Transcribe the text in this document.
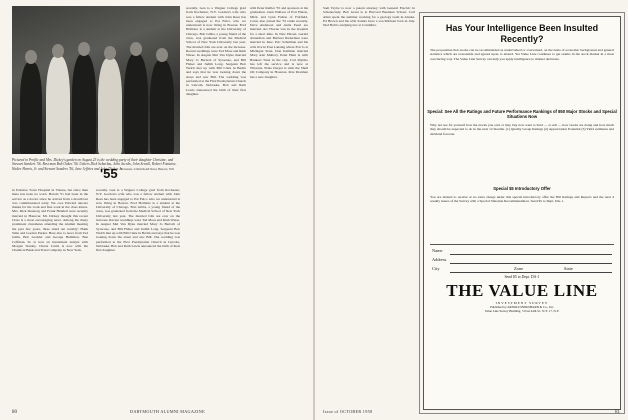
Pictured in Profile and Mrs. Dickey's garden on August 23 is the wedding party of their daughter Christine, and Stewart Sanders '56. Best man Bob Oakes '56. Ushers Dick Scharlau, John Jacobs, John Sewall, Robert Fontaine, Walter Harris, Jr. and Stewart Sanders '56, Jane Jeffries and John Dickey Jr.
in Palomar Town Hospital in Vienna, but since then there has been no word. Harold '51 had been in the service as a doctor since he arrived from a month but was commissioned early. We owe Edward sincere thanks for his work and fine work in the class letters. Mrs. Dick Dessiorg and Frank Hundell were recently married in Hanover. Mr. Dickey thought this recent Class is a most encouraging news. Among the many prominent classmates attending the Alumni meeting the past few years, three stand out notably: Hank Sims and Gordon Parker. Here also is news from Ted Gillis, Bob Geckler and George Hamilton. Ben Coffman, Sr. is now an investment analyst with Morgan Stanley. Chuck Curtis is now with the Chemical Bank and Trust Company in New York.
recently. Gen is a Wagner College grad from Rochester, N.Y. Gordon's wife who was a fellow student with John Rees has been engaged to Pat Fulco who we understand is now living in Boston. Fred Hollister is a student at the University of Chicago. Bob Gibbs, a young friend of the class, was graduated from the Medical School of New York University last year. The married folk are ever on the increase. Recent weddings were Tad Moss and Ruth Wiese. In August Mel Van Dyke married Mary Jo Bertsch of Syracuse, and Bill Fisher and Judith Long. Sergeant Bob Welch met up with Bill Clark in Berlin and says that he was looking down the street and saw Bill. The wedding was performed at the First Presbyterian Church in Lincoln, Nebraska. Bob and Ruth Lewis announced the birth of their first daughter.
with Peter Reiller '55 and sponsors at his graduation. Glen Wallace of Port Huron, Mich. and Lynn Fulton of Fairfield, Conn. also joined the '55 ranks recently. Dave Anderson and Anita Pearl are married. Art Thorne was in the hospital for a short time. In New Haven, Gerald Alsterman and Barbara Ruderman were married in June. Eric Schulman and his wife live in East Lansing where Eric is at Michigan State. Don Kallman married Mary Ann Mallory. Peter Hunt is with Bankers Trust in the city. Carl Myrmo has left the service and is now at Wharton. Ernie Dreyer is with the Shell Oil Company in Houston. Pete Pearman has a new daughter.
recently. Gen is a Wagner College grad from Rochester, N.Y. Gordon's wife who was a fellow student with John Rees has been engaged to Pat Fulco who we understand is now living in Boston. Fred Hollister is a student at the University of Chicago. Bob Gibbs, a young friend of the class, was graduated from the Medical School of New York University last year. The married folk are ever on the increase. Recent weddings were Tad Moss and Ruth Wiese. In August Mel Van Dyke married Mary Jo Bertsch of Syracuse, and Bill Fisher and Judith Long. Sergeant Bob Welch met up with Bill Clark in Berlin and says that he was looking down the street and saw Bill. The wedding was performed at the First Presbyterian Church in Lincoln, Nebraska. Bob and Ruth Lewis announced the birth of their first daughter.
'55 Secretaries, 24 Dartmouth Street, Hanover, N.H.
80	DARTMOUTH ALUMNI MAGAZINE
Sam Taylor is now a patent attorney with General Electric in Schenectady. Bob Grant is at Harvard Business School. Carl Allen spent the summer working for a geology team in Alaska. Ed Brown and his wife Sandra have a son Michael born in July. Ned Ball is studying law at Columbia.	Has Your Intelligence Been Insulted Recently?
The proposition that stocks can be recommended as undervalued or overvalued, on the basis of economic background and general statistics which are reasonable and agreed upon, is absurd. Yet Value Line continues to get results in the stock market in a most convincing way. The Value Line Survey can help you apply intelligence to market decisions.
Special: See All the Ratings and Future Performance Rankings of 850 Major Stocks and Special Situations Now
Why not see for yourself how the stocks you own or may buy now want to hold — or sell — how stocks are doing and how much they should be expected to do in the next 12 months. (1) Quality Group Ratings (2) Appreciation Potential (3) Yield estimates and dividend forecast.
Special $5 Introductory Offer
You are invited to receive at no extra charge under this special introductory offer the 850 Ratings and Reports and the next 4 weekly issues of the Survey with a Special Situation Recommendation. Send $5 to Dept. DA-1.
Name
Address
City	Zone	State
Send $5 to Dept. DA-1
THE VALUE LINE
INVESTMENT SURVEY
Published by ARNOLD BERNHARD & Co., Inc.
Value Line Survey Building, 5 East 44th St., N.Y. 17, N.Y.
Issue of OCTOBER 1958	81
